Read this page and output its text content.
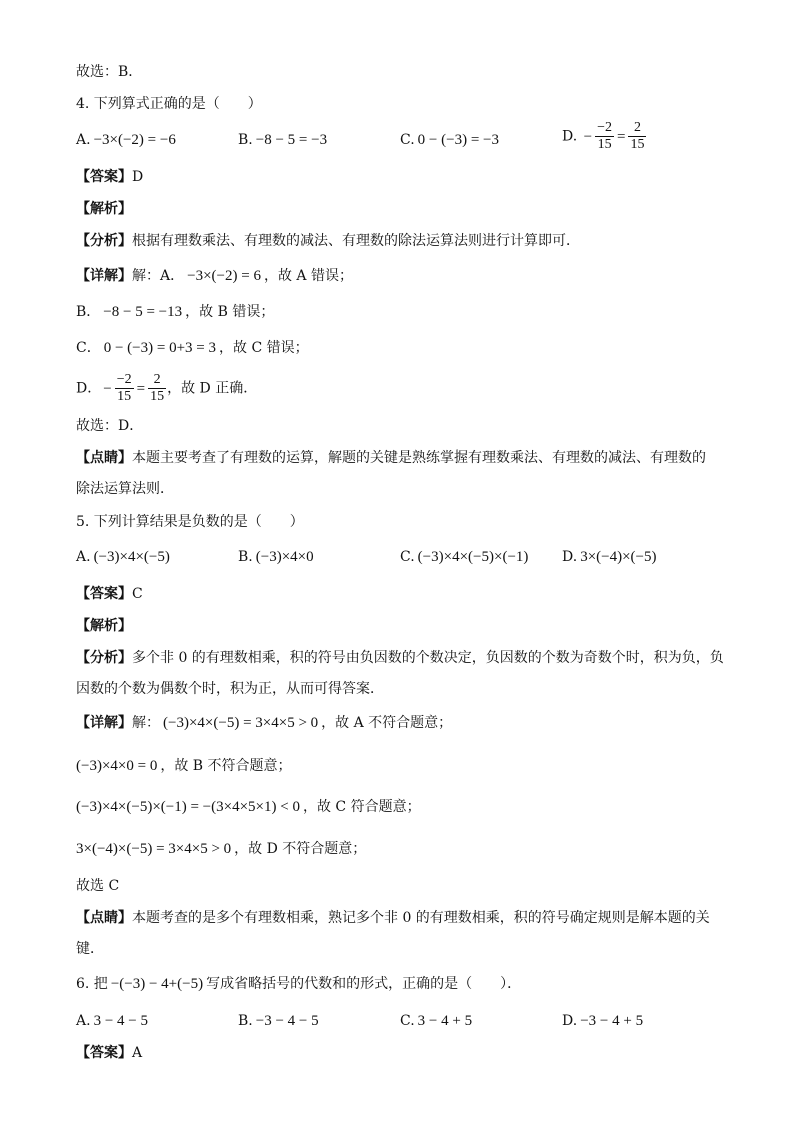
故选：B．
4. 下列算式正确的是（　　）
A. −3×(−2) = −6	B. −8 − 5 = −3	C. 0 − (−3) = −3	D. − $\frac{-2}{15} = \frac{2}{15}$
【答案】D
【解析】
【分析】根据有理数乘法、有理数的减法、有理数的除法运算法则进行计算即可．
【详解】解：A． −3×(−2) = 6 ，故 A 错误；
B． −8 − 5 = −13 ，故 B 错误；
C． 0 − (−3) = 0+3 = 3 ，故 C 错误；
D． − $\frac{-2}{15} = \frac{2}{15}$ ，故 D 正确．
故选：D．
【点睛】本题主要考查了有理数的运算，解题的关键是熟练掌握有理数乘法、有理数的减法、有理数的
除法运算法则．
5. 下列计算结果是负数的是（　　）
A. (−3)×4×(−5)	B. (−3)×4×0	C. (−3)×4×(−5)×(−1) D. 3×(−4)×(−5)
【答案】C
【解析】
【分析】多个非 0 的有理数相乘，积的符号由负因数的个数决定，负因数的个数为奇数个时，积为负，负
因数的个数为偶数个时，积为正，从而可得答案．
【详解】解： (−3)×4×(−5) = 3×4×5 > 0 ，故 A 不符合题意；
(−3)×4×0 = 0 ，故 B 不符合题意；
(−3)×4×(−5)×(−1) = −(3×4×5×1) < 0 ，故 C 符合题意；
3×(−4)×(−5) = 3×4×5 > 0 ，故 D 不符合题意；
故选 C
【点睛】本题考查的是多个有理数相乘，熟记多个非 0 的有理数相乘，积的符号确定规则是解本题的关
键．
6. 把 −(−3) − 4+(−5) 写成省略括号的代数和的形式，正确的是（　　）．
A. 3 − 4 − 5	B. −3 − 4 − 5	C. 3 − 4 + 5	D. −3 − 4 + 5
【答案】A
